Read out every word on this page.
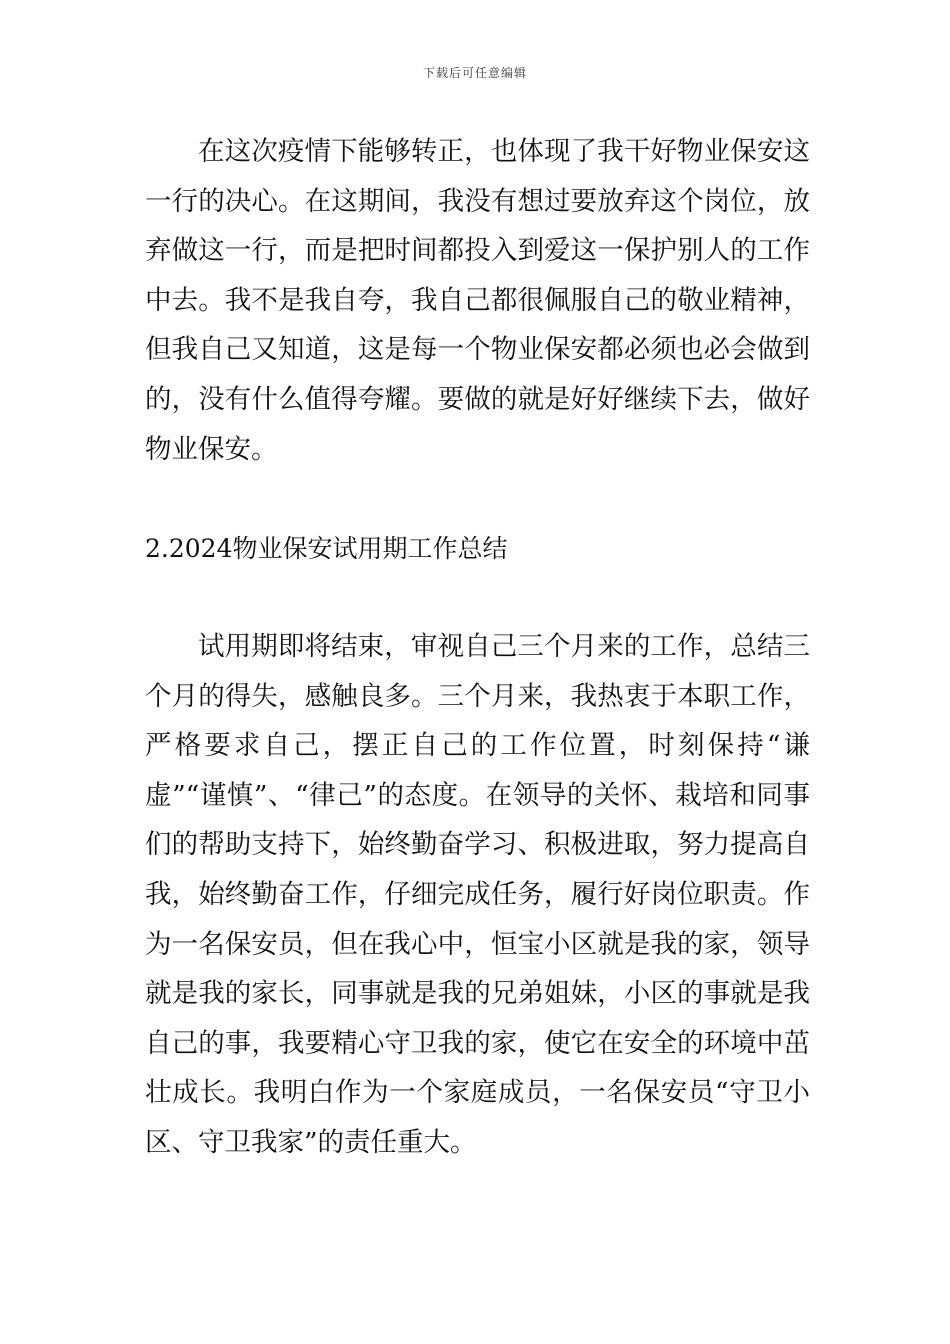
下载后可任意编辑

在这次疫情下能够转正，也体现了我干好物业保安这一行的决心。在这期间，我没有想过要放弃这个岗位，放弃做这一行，而是把时间都投入到爱这一保护别人的工作中去。我不是我自夸，我自己都很佩服自己的敬业精神，但我自己又知道，这是每一个物业保安都必须也必会做到的，没有什么值得夸耀。要做的就是好好继续下去，做好物业保安。

2.2024物业保安试用期工作总结

试用期即将结束，审视自己三个月来的工作，总结三个月的得失，感触良多。三个月来，我热衷于本职工作，严格要求自己，摆正自己的工作位置，时刻保持“谦虚”“谨慎”、“律己”的态度。在领导的关怀、栽培和同事们的帮助支持下，始终勤奋学习、积极进取，努力提高自我，始终勤奋工作，仔细完成任务，履行好岗位职责。作为一名保安员，但在我心中，恒宝小区就是我的家，领导就是我的家长，同事就是我的兄弟姐妹，小区的事就是我自己的事，我要精心守卫我的家，使它在安全的环境中茁壮成长。我明白作为一个家庭成员，一名保安员“守卫小区、守卫我家”的责任重大。
